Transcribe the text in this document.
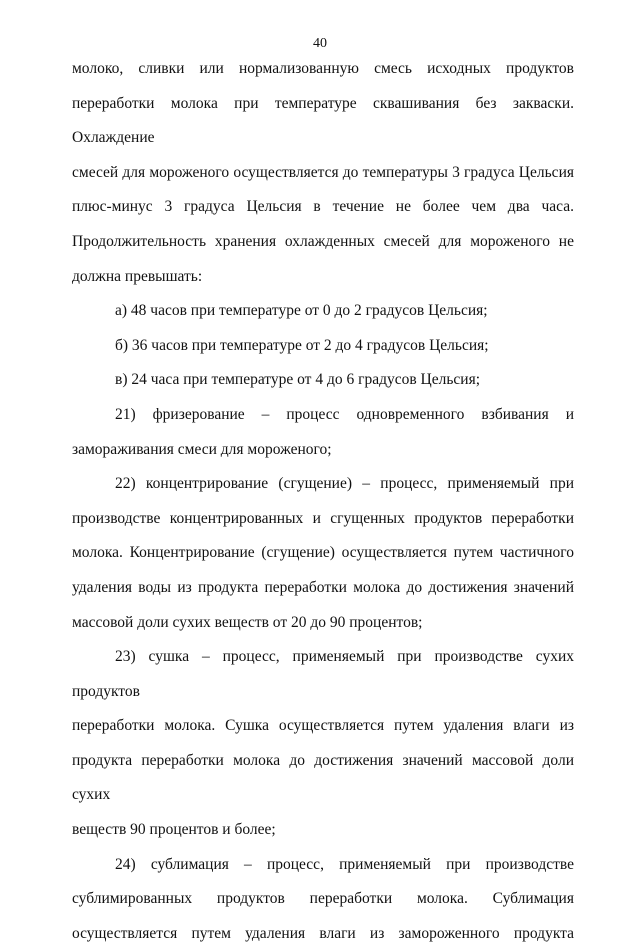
40
молоко, сливки или нормализованную смесь исходных продуктов
переработки молока при температуре сквашивания без закваски. Охлаждение
смесей для мороженого осуществляется до температуры 3 градуса Цельсия
плюс-минус 3 градуса Цельсия в течение не более чем два часа.
Продолжительность хранения охлажденных смесей для мороженого не
должна превышать:
а) 48 часов при температуре от 0 до 2 градусов Цельсия;
б) 36 часов при температуре от 2 до 4 градусов Цельсия;
в) 24 часа при температуре от 4 до 6 градусов Цельсия;
21) фризерование – процесс одновременного взбивания и
замораживания смеси для мороженого;
22) концентрирование (сгущение) – процесс, применяемый при
производстве концентрированных и сгущенных продуктов переработки
молока. Концентрирование (сгущение) осуществляется путем частичного
удаления воды из продукта переработки молока до достижения значений
массовой доли сухих веществ от 20 до 90 процентов;
23) сушка – процесс, применяемый при производстве сухих продуктов
переработки молока. Сушка осуществляется путем удаления влаги из
продукта переработки молока до достижения значений массовой доли сухих
веществ 90 процентов и более;
24) сублимация – процесс, применяемый при производстве
сублимированных продуктов переработки молока. Сублимация
осуществляется путем удаления влаги из замороженного продукта
